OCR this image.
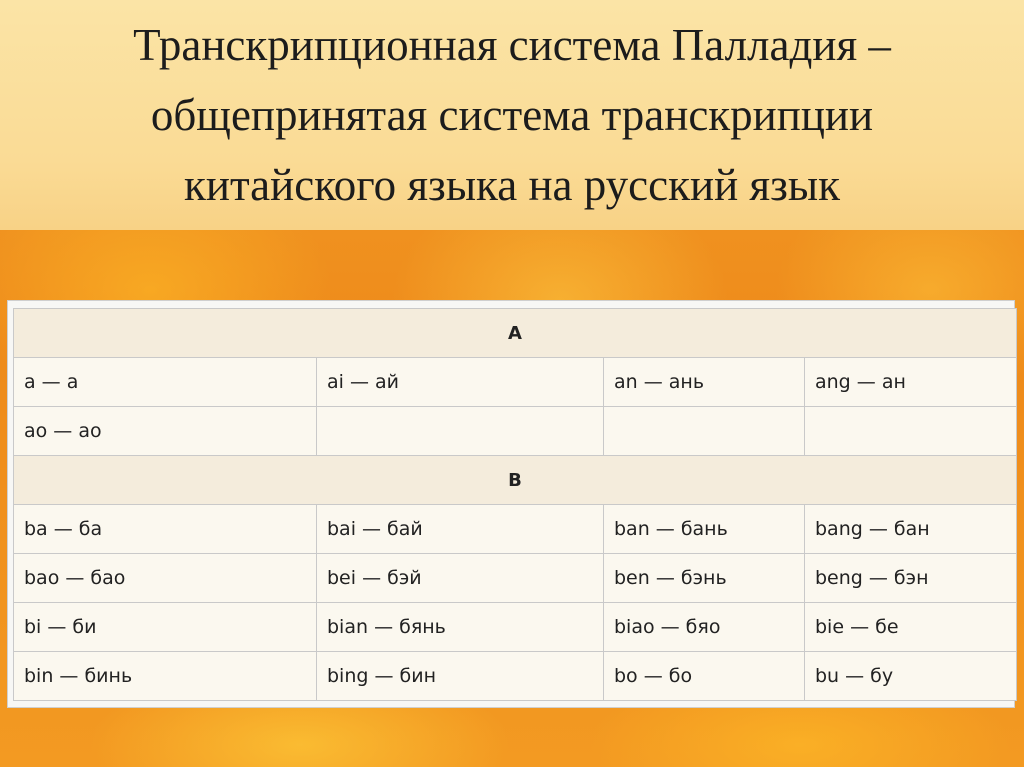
Транскрипционная система Палладия –
общепринятая система транскрипции
китайского языка на русский язык
A			
a — а	ai — ай	an — ань	ang — ан
ao — ао			
B			
ba — ба	bai — бай	ban — бань	bang — бан
bao — бао	bei — бэй	ben — бэнь	beng — бэн
bi — би	bian — бянь	biao — бяо	bie — бе
bin — бинь	bing — бин	bo — бо	bu — бу
